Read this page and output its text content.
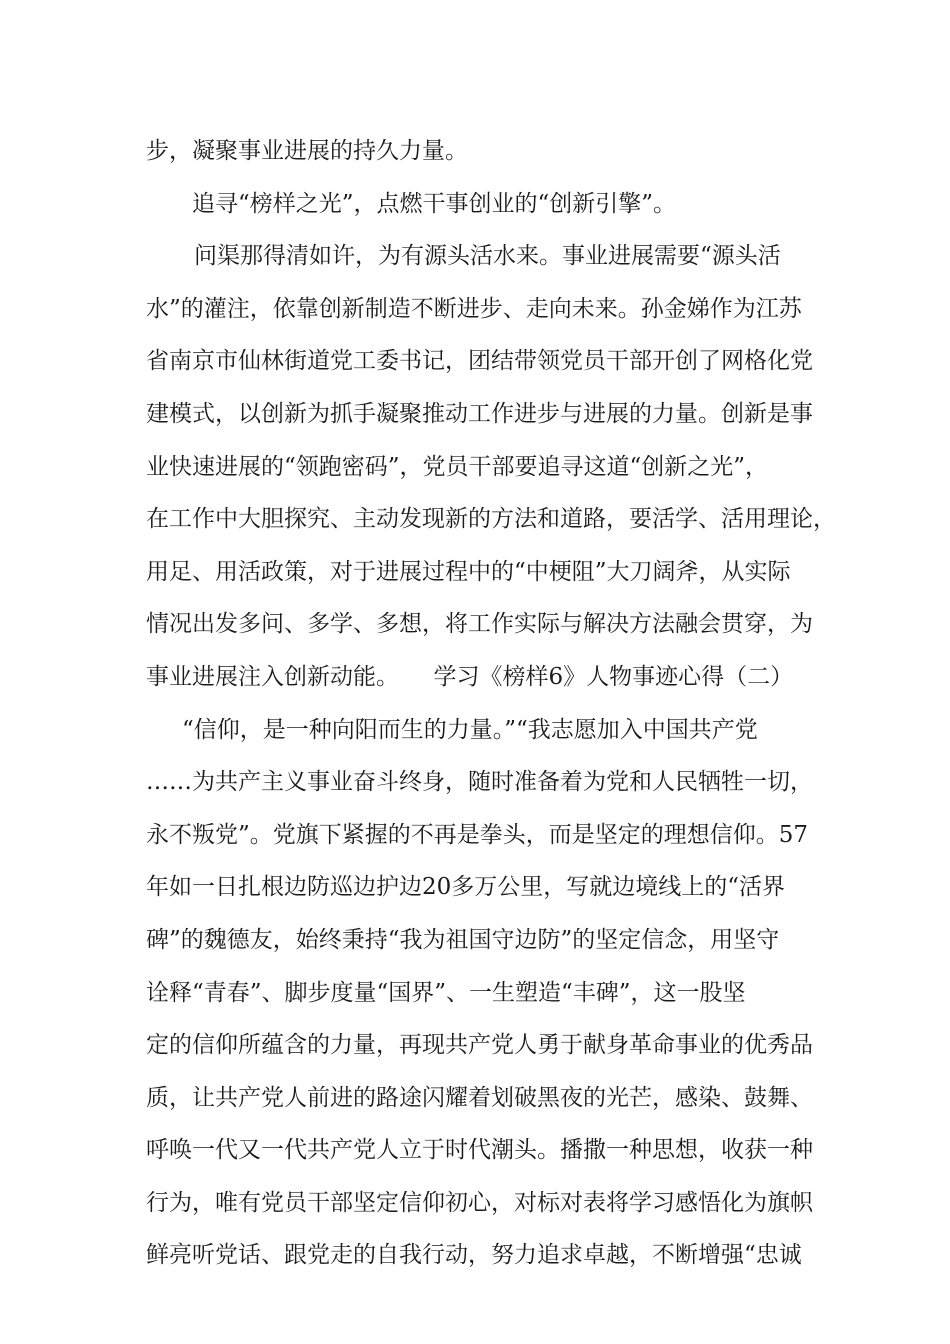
步，凝聚事业进展的持久力量。
追寻“榜样之光”，点燃干事创业的“创新引擎”。
问渠那得清如许，为有源头活水来。事业进展需要“源头活
水”的灌注，依靠创新制造不断进步、走向未来。孙金娣作为江苏
省南京市仙林街道党工委书记，团结带领党员干部开创了网格化党
建模式，以创新为抓手凝聚推动工作进步与进展的力量。创新是事
业快速进展的“领跑密码”，党员干部要追寻这道“创新之光”，
在工作中大胆探究、主动发现新的方法和道路，要活学、活用理论，
用足、用活政策，对于进展过程中的“中梗阻”大刀阔斧，从实际
情况出发多问、多学、多想，将工作实际与解决方法融会贯穿，为
事业进展注入创新动能。　　学习《榜样6》人物事迹心得（二）
“信仰，是一种向阳而生的力量。”“我志愿加入中国共产党
……为共产主义事业奋斗终身，随时准备着为党和人民牺牲一切，
永不叛党”。党旗下紧握的不再是拳头，而是坚定的理想信仰。57
年如一日扎根边防巡边护边20多万公里，写就边境线上的“活界
碑”的魏德友，始终秉持“我为祖国守边防”的坚定信念，用坚守
诠释“青春”、脚步度量“国界”、一生塑造“丰碑”，这一股坚
定的信仰所蕴含的力量，再现共产党人勇于献身革命事业的优秀品
质，让共产党人前进的路途闪耀着划破黑夜的光芒，感染、鼓舞、
呼唤一代又一代共产党人立于时代潮头。播撒一种思想，收获一种
行为，唯有党员干部坚定信仰初心，对标对表将学习感悟化为旗帜
鲜亮听党话、跟党走的自我行动，努力追求卓越，不断增强“忠诚
